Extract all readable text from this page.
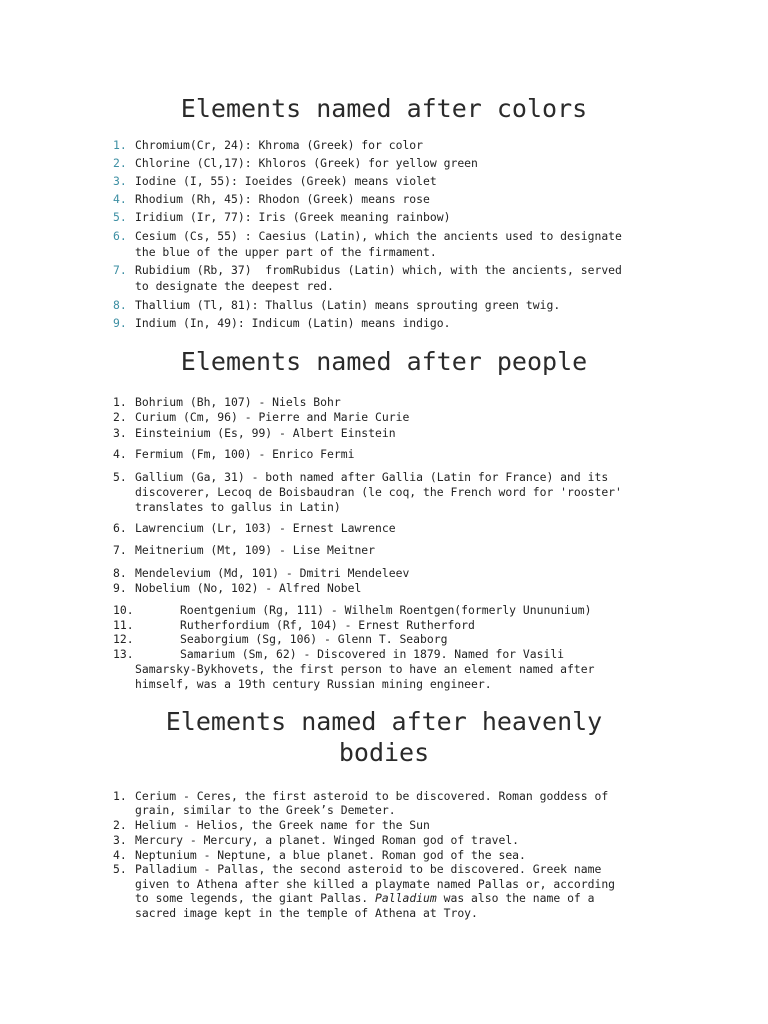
Elements named after colors
1. Chromium(Cr, 24): Khroma (Greek) for color
2. Chlorine (Cl,17): Khloros (Greek) for yellow green
3. Iodine (I, 55): Ioeides (Greek) means violet
4. Rhodium (Rh, 45): Rhodon (Greek) means rose
5. Iridium (Ir, 77): Iris (Greek meaning rainbow)
6. Cesium (Cs, 55) : Caesius (Latin), which the ancients used to designate
the blue of the upper part of the firmament.
7. Rubidium (Rb, 37)  fromRubidus (Latin) which, with the ancients, served
to designate the deepest red.
8. Thallium (Tl, 81): Thallus (Latin) means sprouting green twig.
9. Indium (In, 49): Indicum (Latin) means indigo.
Elements named after people
1. Bohrium (Bh, 107) - Niels Bohr
2. Curium (Cm, 96) - Pierre and Marie Curie
3. Einsteinium (Es, 99) - Albert Einstein
4. Fermium (Fm, 100) - Enrico Fermi
5. Gallium (Ga, 31) - both named after Gallia (Latin for France) and its
discoverer, Lecoq de Boisbaudran (le coq, the French word for 'rooster'
translates to gallus in Latin)
6. Lawrencium (Lr, 103) - Ernest Lawrence
7. Meitnerium (Mt, 109) - Lise Meitner
8. Mendelevium (Md, 101) - Dmitri Mendeleev
9. Nobelium (No, 102) - Alfred Nobel
10.	Roentgenium (Rg, 111) - Wilhelm Roentgen(formerly Unununium)
11.	Rutherfordium (Rf, 104) - Ernest Rutherford
12.	Seaborgium (Sg, 106) - Glenn T. Seaborg
13.	Samarium (Sm, 62) - Discovered in 1879. Named for Vasili
Samarsky-Bykhovets, the first person to have an element named after
himself, was a 19th century Russian mining engineer.
Elements named after heavenly
bodies
1. Cerium - Ceres, the first asteroid to be discovered. Roman goddess of
grain, similar to the Greek’s Demeter.
2. Helium - Helios, the Greek name for the Sun
3. Mercury - Mercury, a planet. Winged Roman god of travel.
4. Neptunium - Neptune, a blue planet. Roman god of the sea.
5. Palladium - Pallas, the second asteroid to be discovered. Greek name
given to Athena after she killed a playmate named Pallas or, according
to some legends, the giant Pallas. Palladium was also the name of a
sacred image kept in the temple of Athena at Troy.
